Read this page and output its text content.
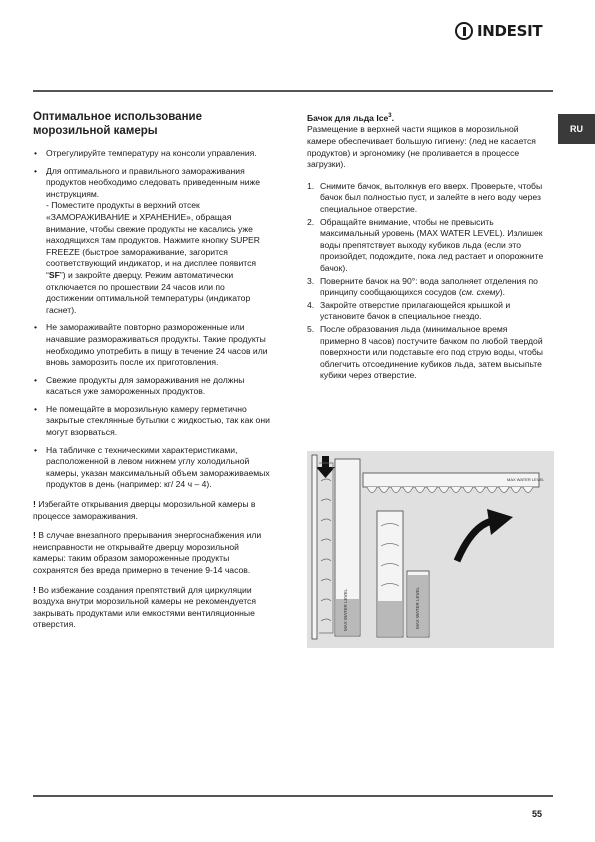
INDESIT
RU
Оптимальное использование
морозильной камеры
• Отрегулируйте температуру на консоли управления.
• Для оптимального и правильного замораживания продуктов необходимо следовать приведенным ниже инструкциям.
- Поместите продукты в верхний отсек «ЗАМОРАЖИВАНИЕ и ХРАНЕНИЕ», обращая внимание, чтобы свежие продукты не касались уже находящихся там продуктов. Нажмите кнопку SUPER FREEZE (быстрое замораживание, загорится соответствующий индикатор, и на дисплее появится “SF”) и закройте дверцу. Режим автоматически отключается по прошествии 24 часов или по достижении оптимальной температуры (индикатор гаснет).
• Не замораживайте повторно размороженные или начавшие размораживаться продукты. Такие продукты необходимо употребить в пищу в течение 24 часов или вновь заморозить после их приготовления.
• Свежие продукты для замораживания не должны касаться уже замороженных продуктов.
• Не помещайте в морозильную камеру герметично закрытые стеклянные бутылки с жидкостью, так как они могут взорваться.
• На табличке с техническими характеристиками, расположенной в левом нижнем углу холодильной камеры, указан максимальный объем замораживаемых продуктов в день (например: кг/ 24 ч – 4).

! Избегайте открывания дверцы морозильной камеры в процессе замораживания.

! В случае внезапного прерывания энергоснабжения или неисправности не открывайте дверцу морозильной камеры: таким образом замороженные продукты сохранятся без вреда примерно в течение 9-14 часов.

! Во избежание создания препятствий для циркуляции воздуха внутри морозильной камеры не рекомендуется закрывать продуктами или емкостями вентиляционные отверстия.

Бачок для льда Ice$^3$.

Размещение в верхней части ящиков в морозильной камере обеспечивает большую гигиену: (лед не касается продуктов) и эргономику (не проливается в процессе загрузки).

1. Снимите бачок, вытолкнув его вверх. Проверьте, чтобы бачок был полностью пуст, и залейте в него воду через специальное отверстие.
2. Обращайте внимание, чтобы не превысить максимальный уровень (MAX WATER LEVEL). Излишек воды препятствует выходу кубиков льда (если это произойдет, подождите, пока лед растает и опорожните бачок).
3. Поверните бачок на 90°: вода заполняет отделения по принципу сообщающихся сосудов (см. схему).
4. Закройте отверстие прилагающейся крышкой и установите бачок в специальное гнездо.
5. После образования льда (минимальное время примерно 8 часов) постучите бачком по любой твердой поверхности или подставьте его под струю воды, чтобы облегчить отсоединение кубиков льда, затем высыпьте кубики через отверстие.
MAX WATER LEVEL	MAX WATER LEVEL
MAX WATER LEVEL
55
